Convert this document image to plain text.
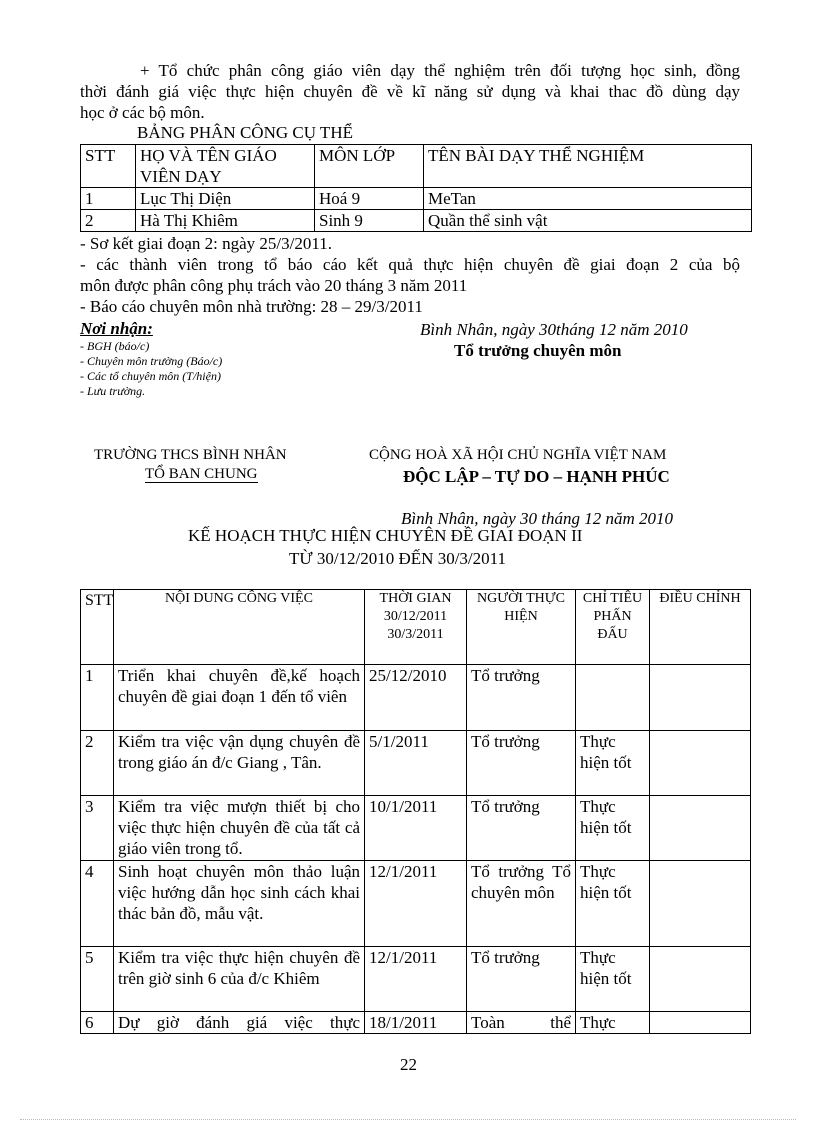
+ Tổ chức phân công giáo viên dạy thể nghiệm trên đối tượng học sinh, đồng
thời đánh giá việc thực hiện chuyên đề về kĩ năng sử dụng và khai thac đồ dùng dạy
học ở các bộ môn.
BẢNG PHÂN CÔNG CỤ THỂ
STT	HỌ VÀ TÊN GIÁO VIÊN DẠY	MÔN LỚP	TÊN BÀI DẠY THỂ NGHIỆM
1	Lục Thị Diện	Hoá 9	MeTan
2	Hà Thị Khiêm	Sinh 9	Quần thể sinh vật
- Sơ kết giai đoạn 2: ngày 25/3/2011.
- các thành viên trong tổ báo cáo kết quả thực hiện chuyên đề giai đoạn 2 của bộ
môn được phân công phụ trách vào 20 tháng 3 năm 2011
- Báo cáo chuyên môn nhà trường: 28 – 29/3/2011
Nơi nhận:
- BGH (báo/c)
- Chuyên môn trường (Báo/c)
- Các tổ chuyên môn (T/hiện)
- Lưu trường.
Bình Nhân, ngày 30tháng 12 năm 2010
Tổ trưởng chuyên môn
TRƯỜNG THCS BÌNH NHÂN
TỔ BAN CHUNG
CỘNG HOÀ XÃ HỘI CHỦ NGHĨA VIỆT NAM
ĐỘC LẬP – TỰ DO – HẠNH PHÚC
Bình Nhân, ngày 30 tháng 12 năm 2010
KẾ HOẠCH THỰC HIỆN CHUYÊN ĐỀ GIAI ĐOẠN II
TỪ 30/12/2010 ĐẾN 30/3/2011
STT	NỘI DUNG CÔNG VIỆC	THỜI GIAN 30/12/2011 30/3/2011	NGƯỜI THỰC HIỆN	CHỈ TIÊU PHẤN ĐẤU	ĐIỀU CHỈNH
1	Triển khai chuyên đề,kế hoạch chuyên đề giai đoạn 1 đến tổ viên	25/12/2010	Tổ trưởng		
2	Kiểm tra việc vận dụng chuyên đề trong giáo án đ/c Giang , Tân.	5/1/2011	Tổ trưởng	Thực hiện tốt	
3	Kiểm tra việc mượn thiết bị cho việc thực hiện chuyên đề của tất cả giáo viên trong tổ.	10/1/2011	Tổ trưởng	Thực hiện tốt	
4	Sinh hoạt chuyên môn thảo luận việc hướng dẫn học sinh cách khai thác bản đồ, mẫu vật.	12/1/2011	Tổ trưởng Tổ chuyên môn	Thực hiện tốt	
5	Kiểm tra việc thực hiện chuyên đề trên giờ sinh 6 của đ/c Khiêm	12/1/2011	Tổ trưởng	Thực hiện tốt	
6	Dự giờ đánh giá việc thực	18/1/2011	Toàn thể	Thực	
22
